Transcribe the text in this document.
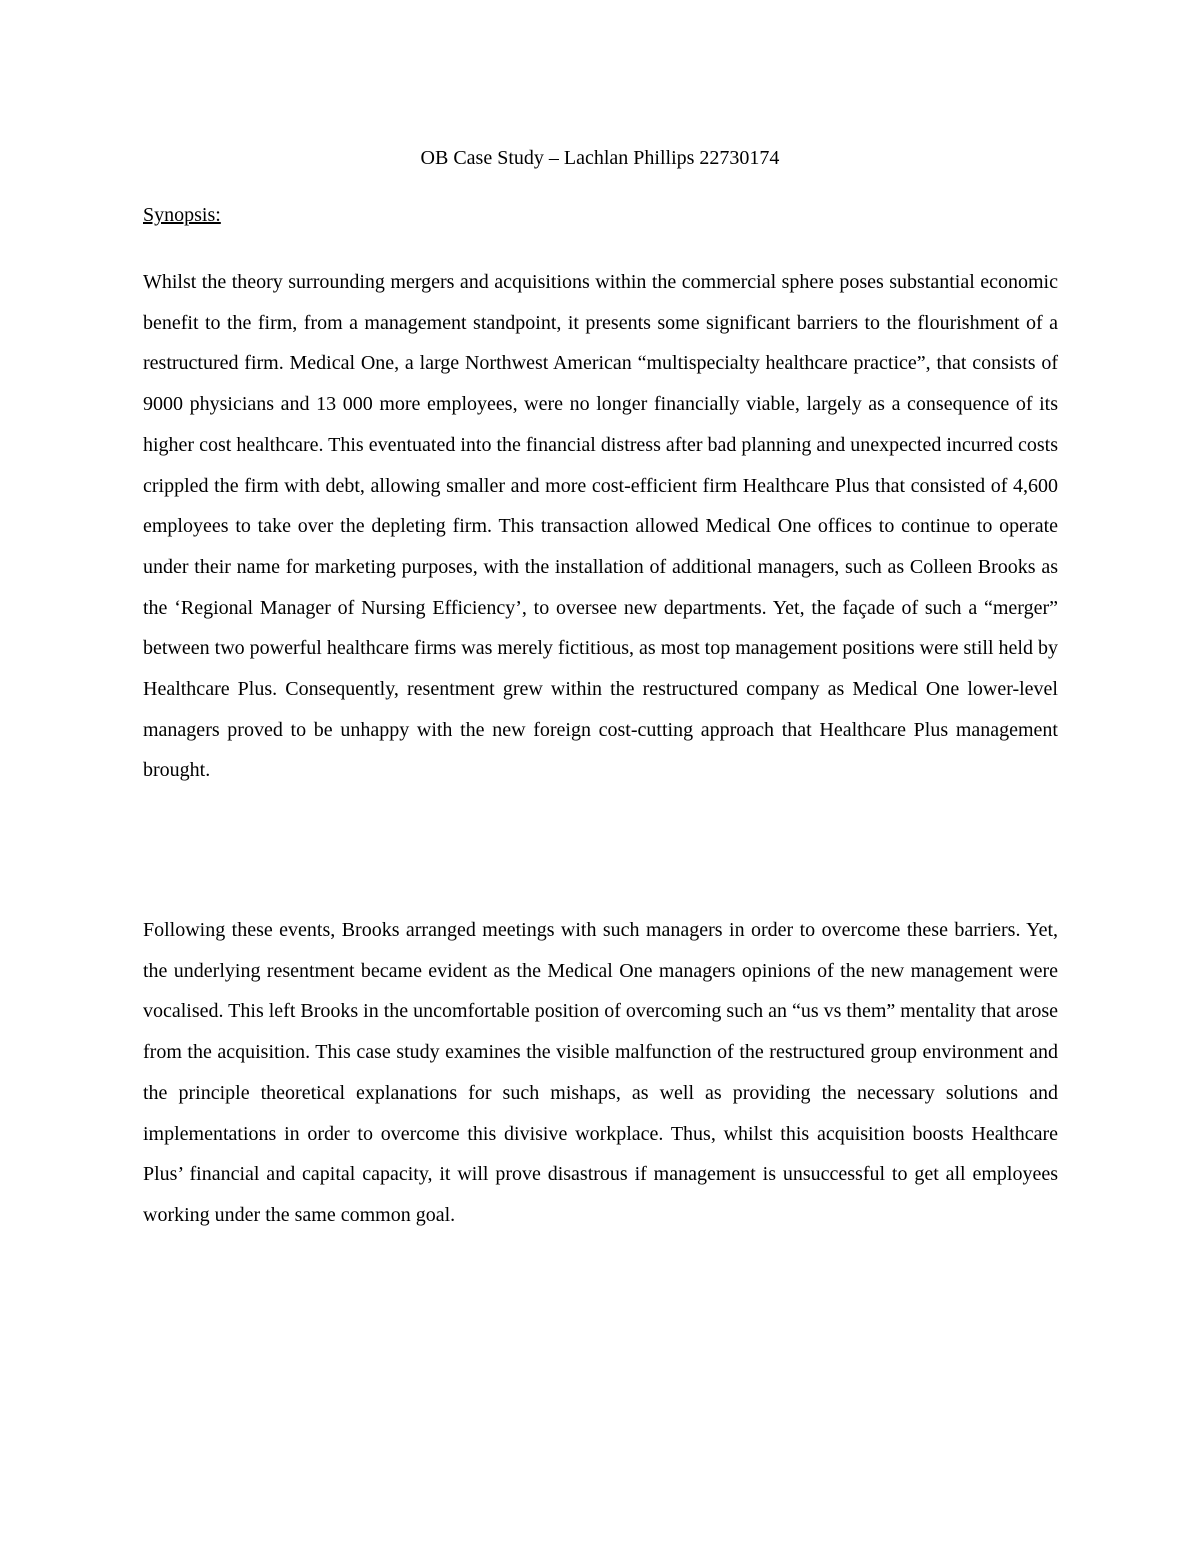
OB Case Study – Lachlan Phillips 22730174
Synopsis:

Whilst the theory surrounding mergers and acquisitions within the commercial sphere poses substantial economic benefit to the firm, from a management standpoint, it presents some significant barriers to the flourishment of a restructured firm. Medical One, a large Northwest American “multispecialty healthcare practice”, that consists of 9000 physicians and 13 000 more employees, were no longer financially viable, largely as a consequence of its higher cost healthcare. This eventuated into the financial distress after bad planning and unexpected incurred costs crippled the firm with debt, allowing smaller and more cost-efficient firm Healthcare Plus that consisted of 4,600 employees to take over the depleting firm. This transaction allowed Medical One offices to continue to operate under their name for marketing purposes, with the installation of additional managers, such as Colleen Brooks as the ‘Regional Manager of Nursing Efficiency’, to oversee new departments. Yet, the façade of such a “merger” between two powerful healthcare firms was merely fictitious, as most top management positions were still held by Healthcare Plus. Consequently, resentment grew within the restructured company as Medical One lower-level managers proved to be unhappy with the new foreign cost-cutting approach that Healthcare Plus management brought.

Following these events, Brooks arranged meetings with such managers in order to overcome these barriers. Yet, the underlying resentment became evident as the Medical One managers opinions of the new management were vocalised. This left Brooks in the uncomfortable position of overcoming such an “us vs them” mentality that arose from the acquisition. This case study examines the visible malfunction of the restructured group environment and the principle theoretical explanations for such mishaps, as well as providing the necessary solutions and implementations in order to overcome this divisive workplace. Thus, whilst this acquisition boosts Healthcare Plus’ financial and capital capacity, it will prove disastrous if management is unsuccessful to get all employees working under the same common goal.
